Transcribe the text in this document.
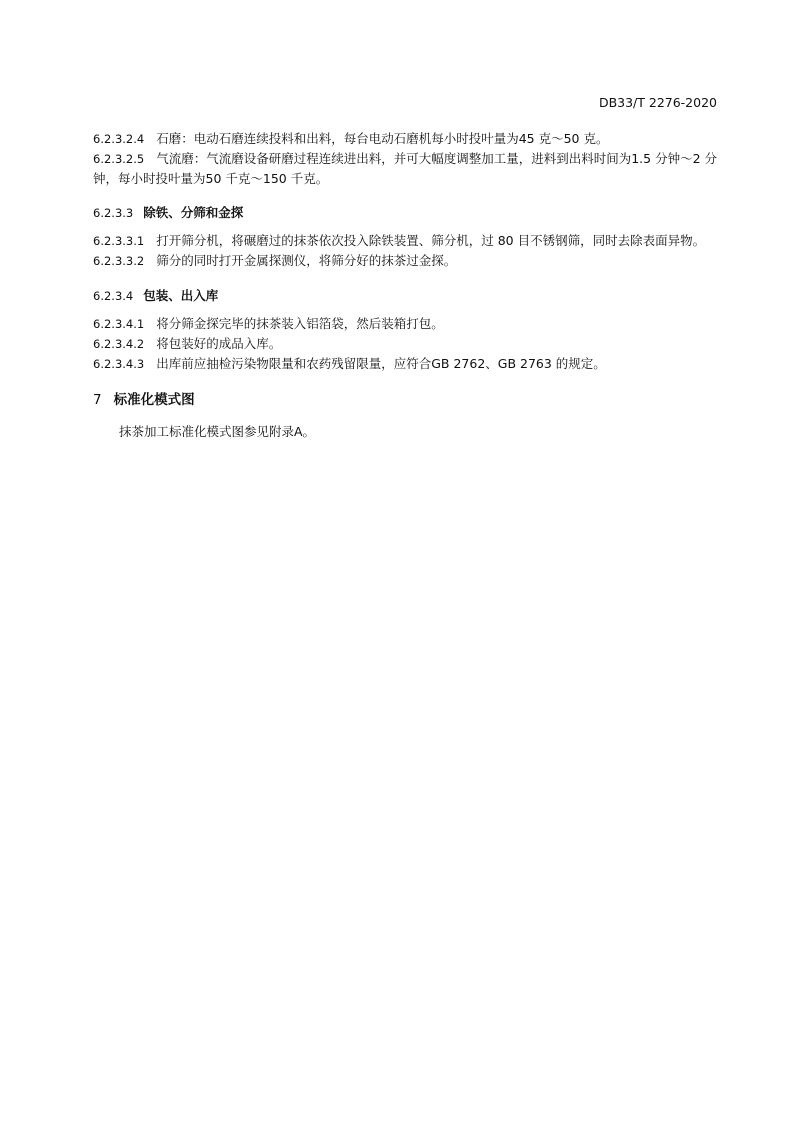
DB33/T 2276-2020

6.2.3.2.4 石磨：电动石磨连续投料和出料，每台电动石磨机每小时投叶量为45 克～50 克。

6.2.3.2.5 气流磨：气流磨设备研磨过程连续进出料，并可大幅度调整加工量，进料到出料时间为1.5 分钟～2 分钟，每小时投叶量为50 千克～150 千克。

6.2.3.3 除铁、分筛和金探

6.2.3.3.1 打开筛分机，将碾磨过的抹茶依次投入除铁装置、筛分机，过 80 目不锈钢筛，同时去除表面异物。

6.2.3.3.2 筛分的同时打开金属探测仪，将筛分好的抹茶过金探。

6.2.3.4 包装、出入库

6.2.3.4.1 将分筛金探完毕的抹茶装入铝箔袋，然后装箱打包。

6.2.3.4.2 将包装好的成品入库。

6.2.3.4.3 出库前应抽检污染物限量和农药残留限量，应符合GB 2762、GB 2763 的规定。

7 标准化模式图

抹茶加工标准化模式图参见附录A。
